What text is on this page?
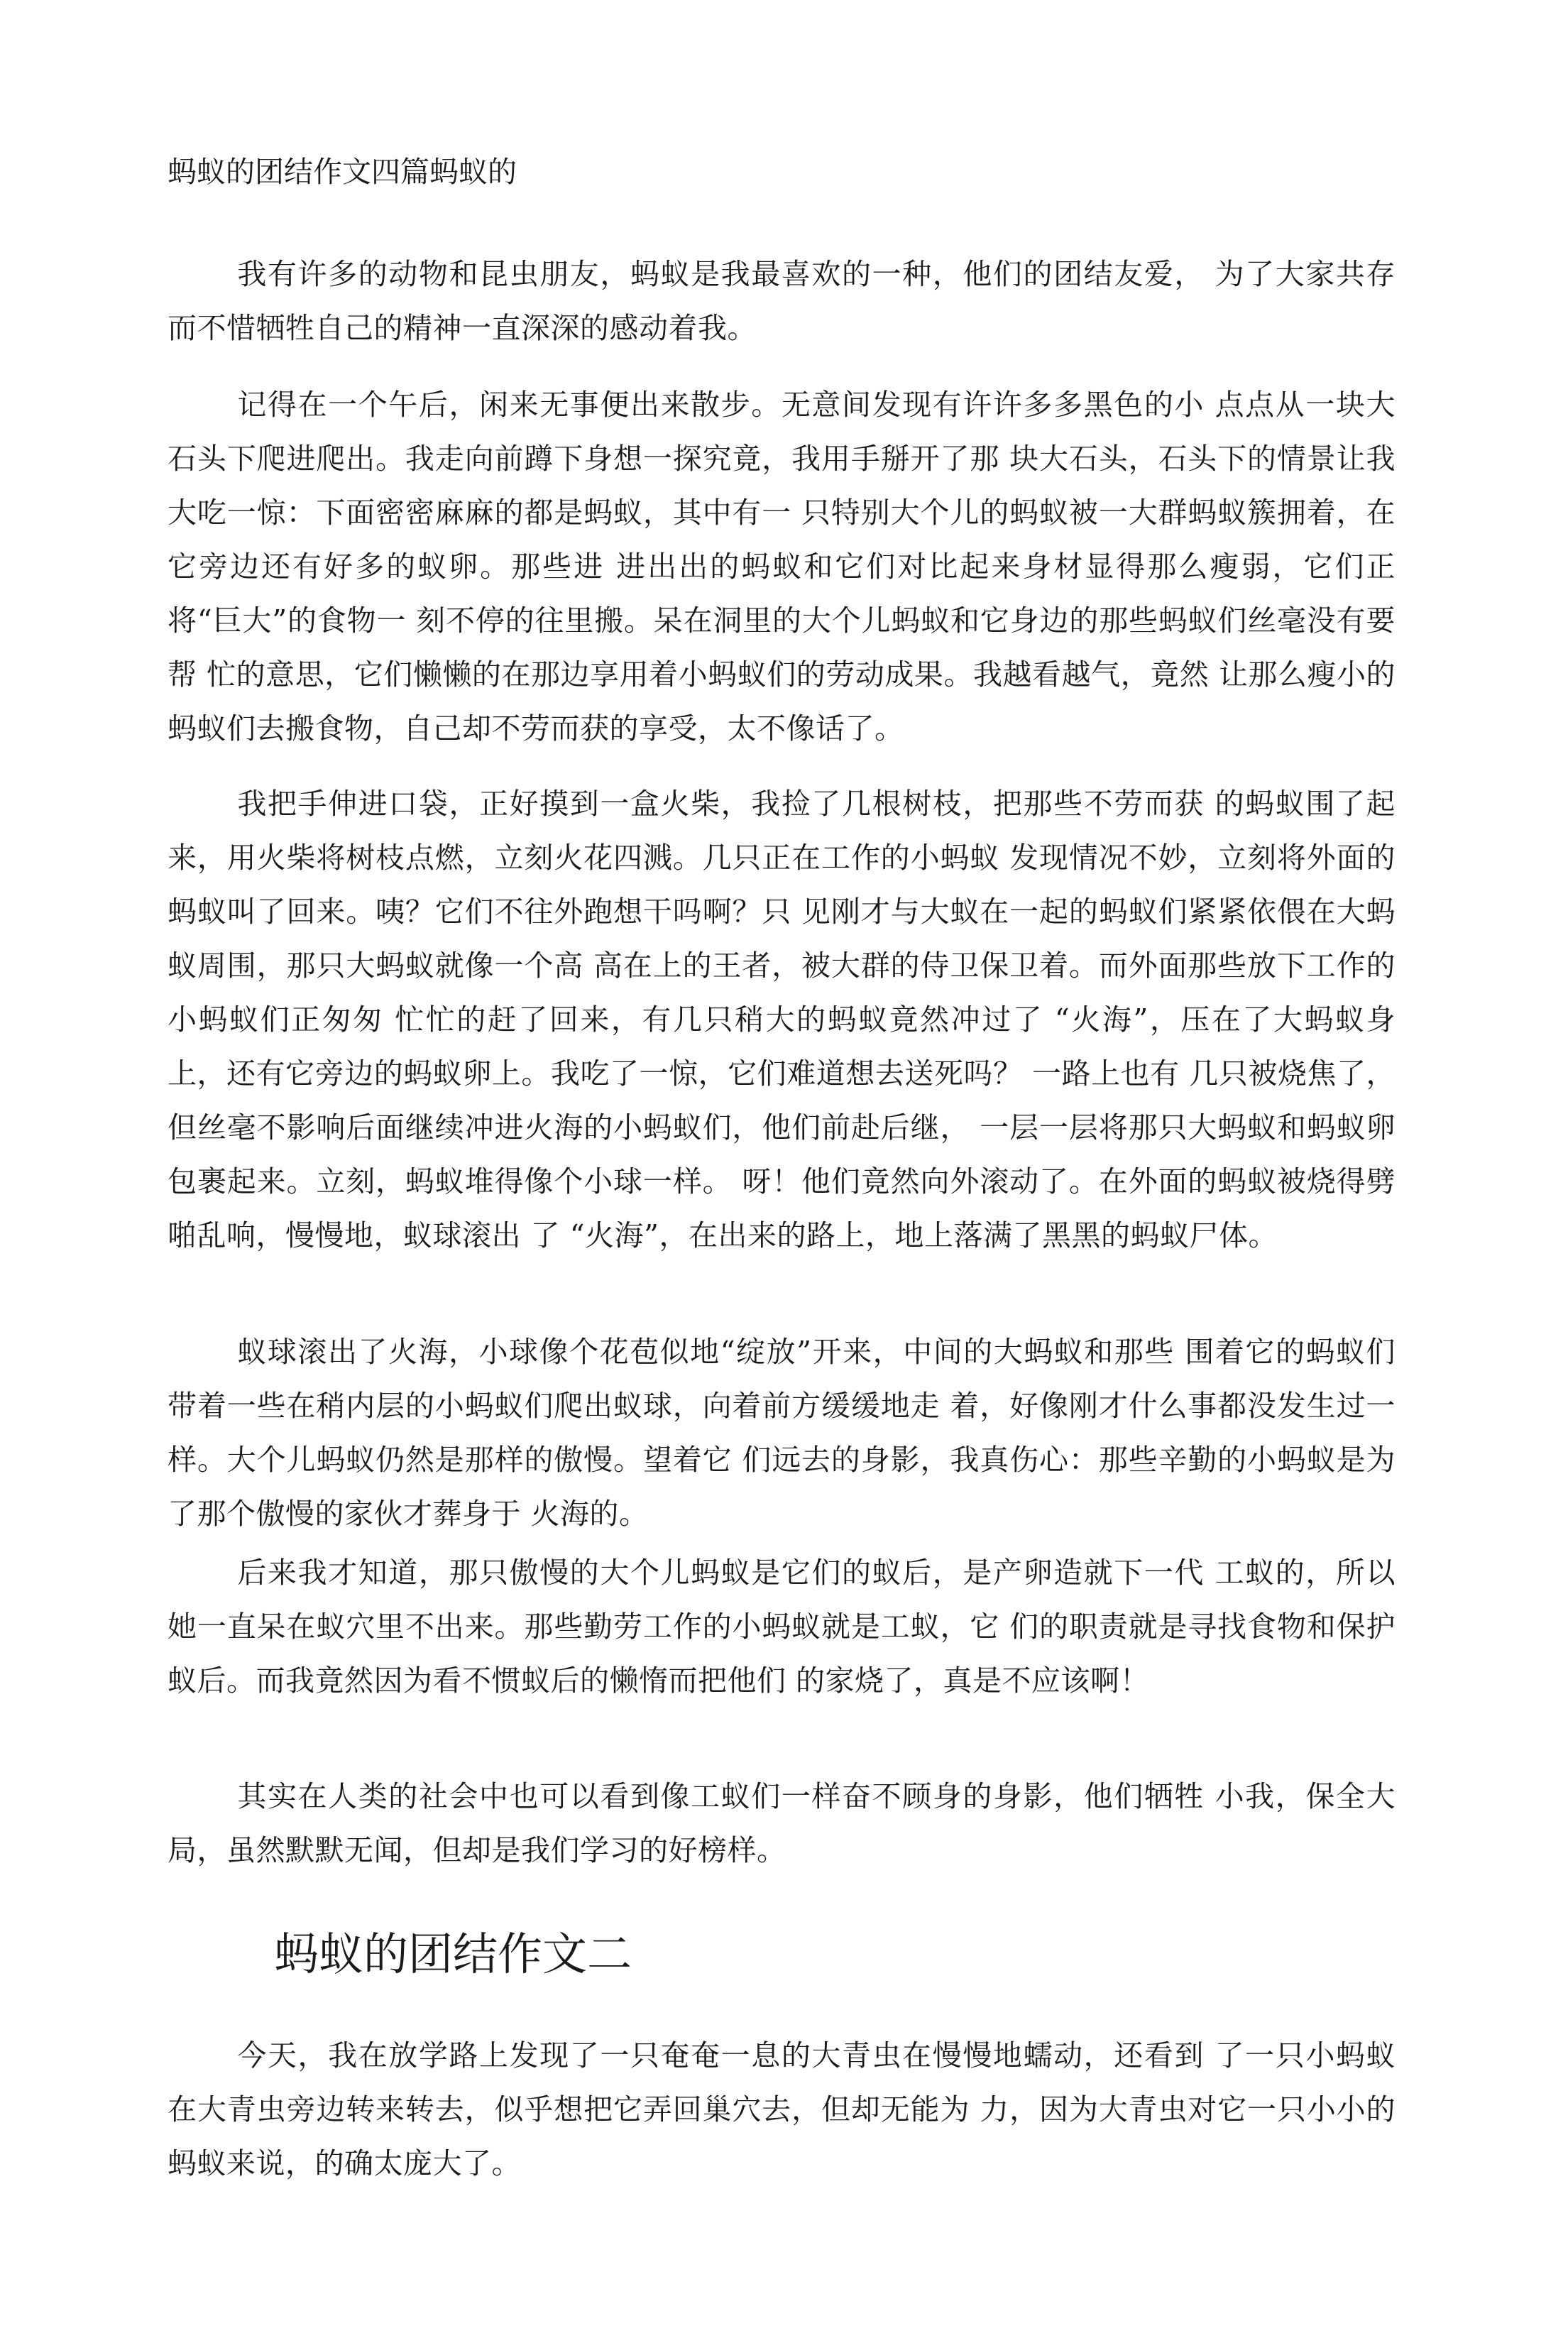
蚂蚁的团结作文四篇蚂蚁的

我有许多的动物和昆虫朋友，蚂蚁是我最喜欢的一种，他们的团结友爱， 为了大家共存而不惜牺牲自己的精神一直深深的感动着我。

记得在一个午后，闲来无事便出来散步。无意间发现有许许多多黑色的小 点点从一块大石头下爬进爬出。我走向前蹲下身想一探究竟，我用手掰开了那 块大石头，石头下的情景让我大吃一惊：下面密密麻麻的都是蚂蚁，其中有一 只特别大个儿的蚂蚁被一大群蚂蚁簇拥着，在它旁边还有好多的蚁卵。那些进 进出出的蚂蚁和它们对比起来身材显得那么瘦弱，它们正将“巨大”的食物一 刻不停的往里搬。呆在洞里的大个儿蚂蚁和它身边的那些蚂蚁们丝毫没有要帮 忙的意思，它们懒懒的在那边享用着小蚂蚁们的劳动成果。我越看越气，竟然 让那么瘦小的蚂蚁们去搬食物，自己却不劳而获的享受，太不像话了。

我把手伸进口袋，正好摸到一盒火柴，我捡了几根树枝，把那些不劳而获 的蚂蚁围了起来，用火柴将树枝点燃，立刻火花四溅。几只正在工作的小蚂蚁 发现情况不妙，立刻将外面的蚂蚁叫了回来。咦？它们不往外跑想干吗啊？只 见刚才与大蚁在一起的蚂蚁们紧紧依偎在大蚂蚁周围，那只大蚂蚁就像一个高 高在上的王者，被大群的侍卫保卫着。而外面那些放下工作的小蚂蚁们正匆匆 忙忙的赶了回来，有几只稍大的蚂蚁竟然冲过了 “火海”，压在了大蚂蚁身 上，还有它旁边的蚂蚁卵上。我吃了一惊，它们难道想去送死吗？ 一路上也有 几只被烧焦了，但丝毫不影响后面继续冲进火海的小蚂蚁们，他们前赴后继， 一层一层将那只大蚂蚁和蚂蚁卵包裹起来。立刻，蚂蚁堆得像个小球一样。 呀！他们竟然向外滚动了。在外面的蚂蚁被烧得劈啪乱响，慢慢地，蚁球滚出 了 “火海”，在出来的路上，地上落满了黑黑的蚂蚁尸体。

蚁球滚出了火海，小球像个花苞似地“绽放”开来，中间的大蚂蚁和那些 围着它的蚂蚁们带着一些在稍内层的小蚂蚁们爬出蚁球，向着前方缓缓地走 着，好像刚才什么事都没发生过一样。大个儿蚂蚁仍然是那样的傲慢。望着它 们远去的身影，我真伤心：那些辛勤的小蚂蚁是为了那个傲慢的家伙才葬身于 火海的。

后来我才知道，那只傲慢的大个儿蚂蚁是它们的蚁后，是产卵造就下一代 工蚁的，所以她一直呆在蚁穴里不出来。那些勤劳工作的小蚂蚁就是工蚁，它 们的职责就是寻找食物和保护蚁后。而我竟然因为看不惯蚁后的懒惰而把他们 的家烧了，真是不应该啊！

其实在人类的社会中也可以看到像工蚁们一样奋不顾身的身影，他们牺牲 小我，保全大局，虽然默默无闻，但却是我们学习的好榜样。

蚂蚁的团结作文二

今天，我在放学路上发现了一只奄奄一息的大青虫在慢慢地蠕动，还看到 了一只小蚂蚁在大青虫旁边转来转去，似乎想把它弄回巢穴去，但却无能为 力，因为大青虫对它一只小小的蚂蚁来说，的确太庞大了。
